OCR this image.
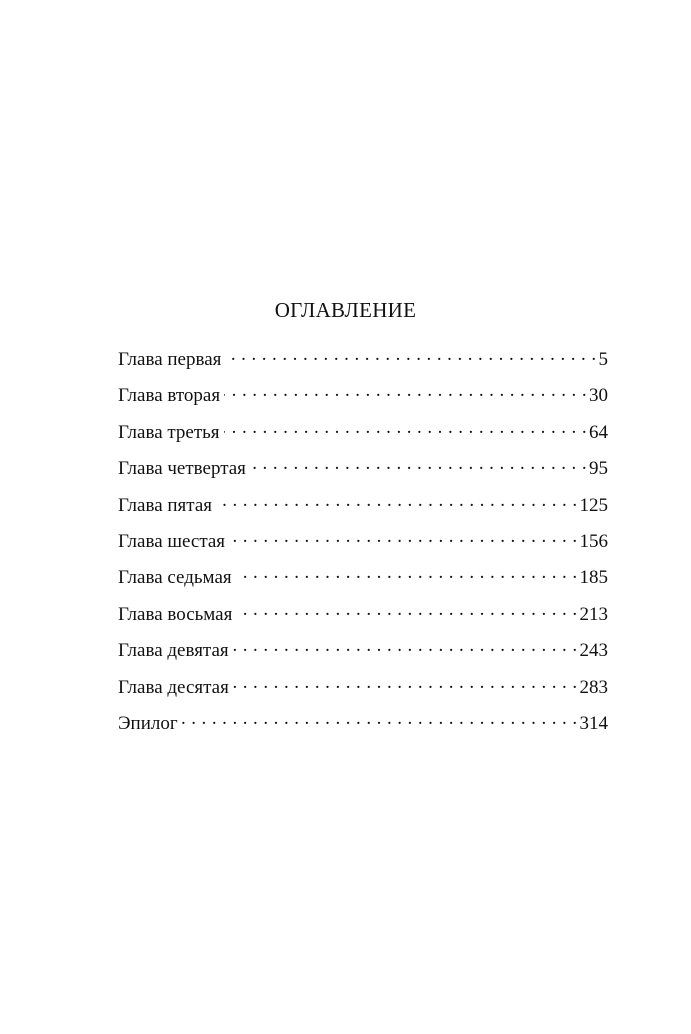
ОГЛАВЛЕНИЕ
Глава первая . . .	5
Глава вторая . . .	30
Глава третья . . .	64
Глава четвертая . . .	95
Глава пятая . . .	125
Глава шестая . . .	156
Глава седьмая . . .	185
Глава восьмая . . .	213
Глава девятая . . .	243
Глава десятая . . .	283
Эпилог . . .	314
